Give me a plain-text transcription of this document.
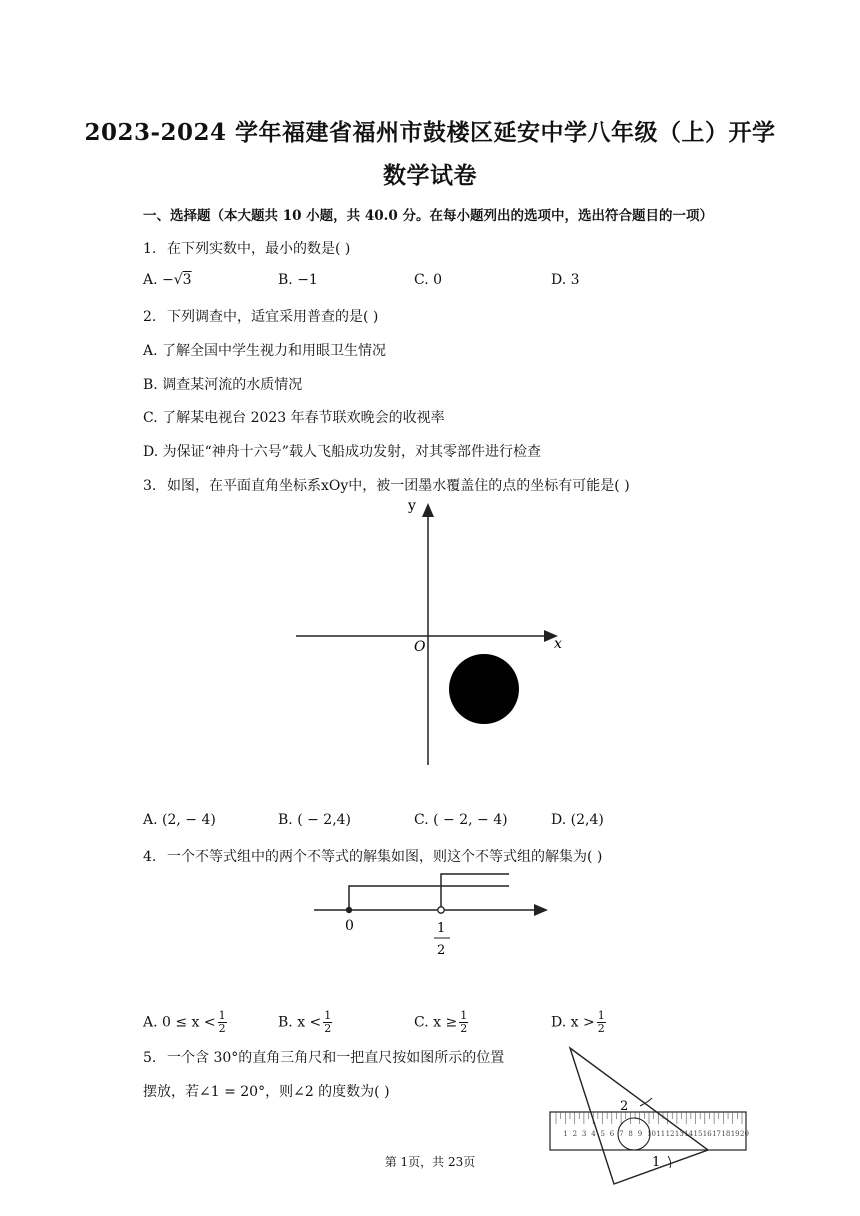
2023-2024 学年福建省福州市鼓楼区延安中学八年级（上）开学
数学试卷
一、选择题（本大题共 10 小题，共 40.0 分。在每小题列出的选项中，选出符合题目的一项）
1. 在下列实数中，最小的数是( )
A. −√3	B. −1	C. 0	D. 3
2. 下列调查中，适宜采用普查的是( )
A. 了解全国中学生视力和用眼卫生情况
B. 调查某河流的水质情况
C. 了解某电视台 2023 年春节联欢晚会的收视率
D. 为保证“神舟十六号”载人飞船成功发射，对其零部件进行检查
3. 如图，在平面直角坐标系xOy中，被一团墨水覆盖住的点的坐标有可能是( )
y
x
O
A. (2, − 4)	B. ( − 2,4)	C. ( − 2, − 4)	D. (2,4)
4. 一个不等式组中的两个不等式的解集如图，则这个不等式组的解集为( )
0	1
2
A. $0 \le x < \frac{1}{2}$	B. $x < \frac{1}{2}$	C. $x \ge \frac{1}{2}$	D. $x > \frac{1}{2}$
5. 一个含 30°的直角三角尺和一把直尺按如图所示的位置
摆放，若∠1 = 20°，则∠2 的度数为( )
1 2 3 4 5 6 7 8 9 10 11 12 13 14 15 16 17 18 19 20
2
1
第 1页，共 23页
